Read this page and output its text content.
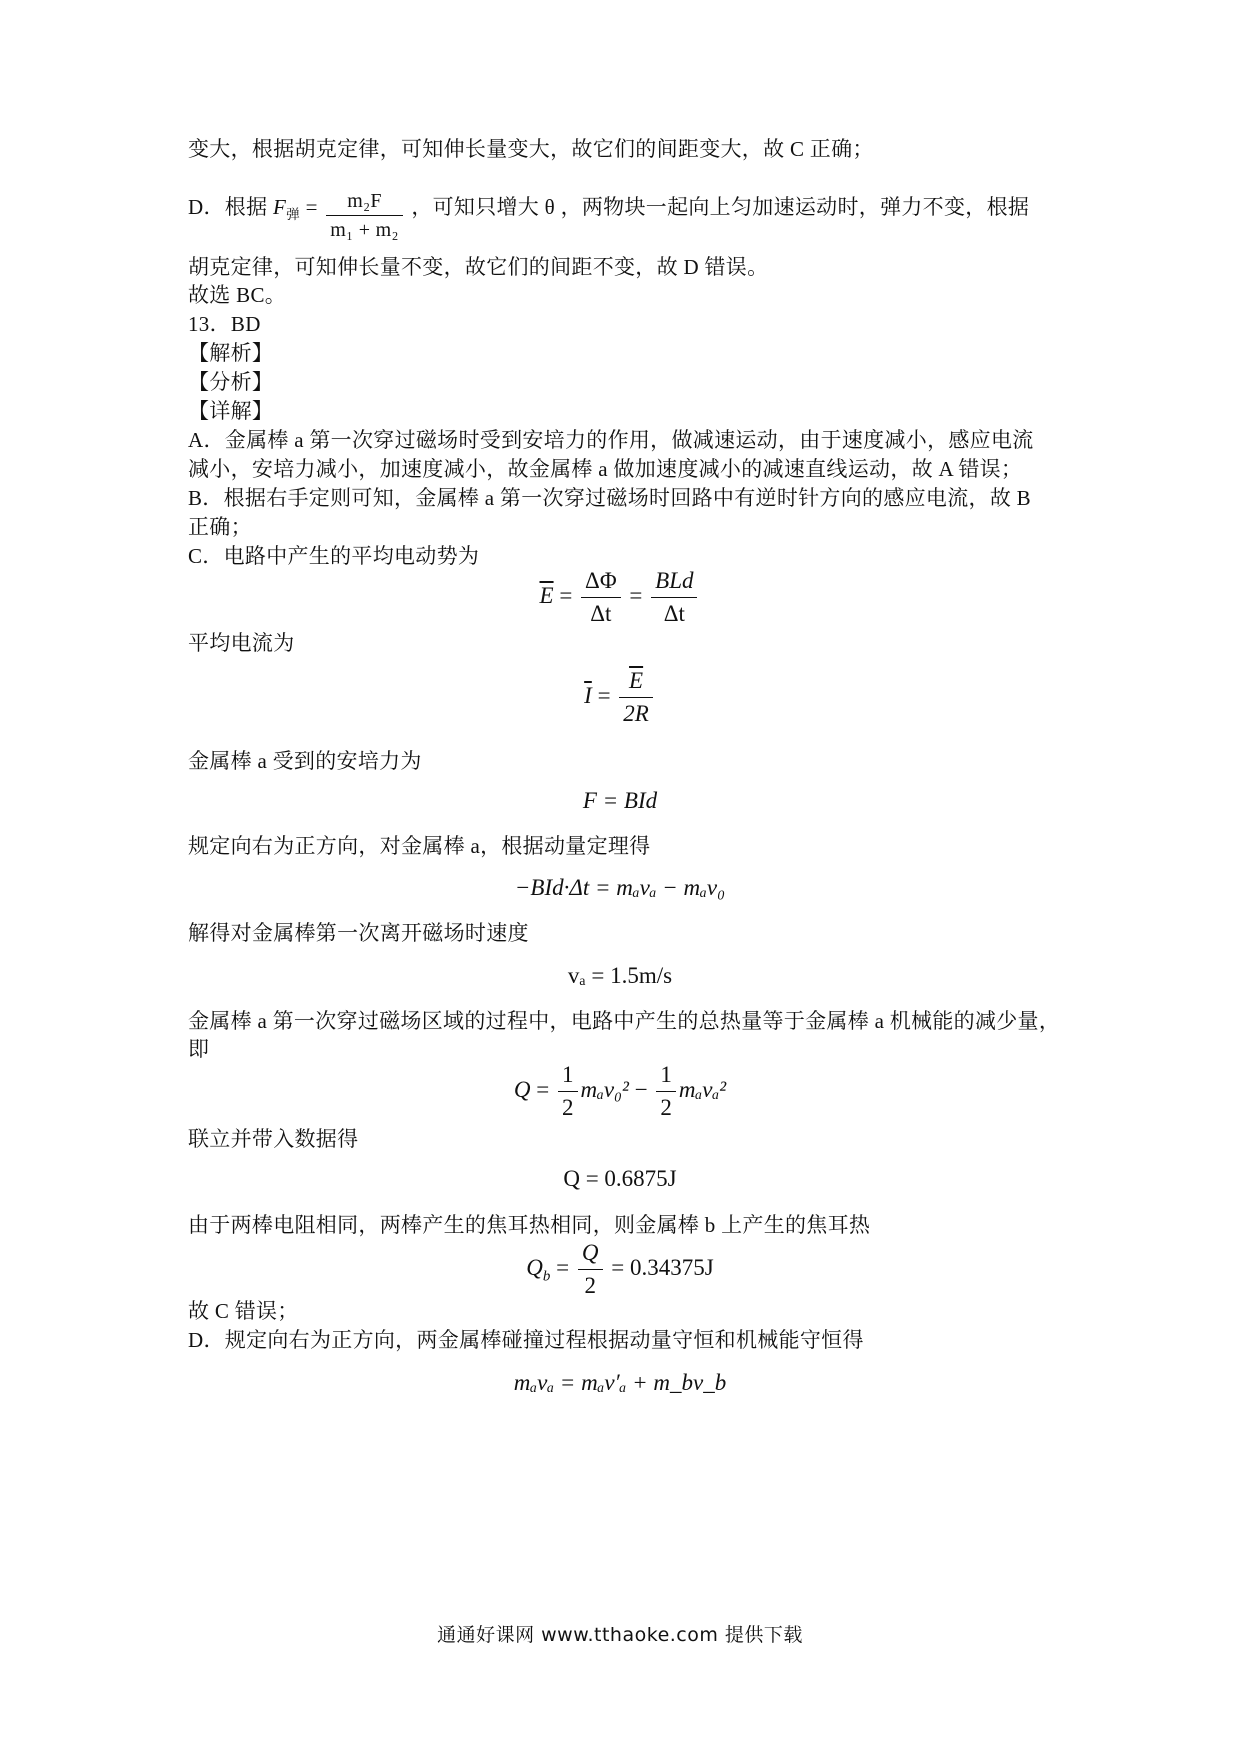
变大，根据胡克定律，可知伸长量变大，故它们的间距变大，故 C 正确；
D．根据 $F_弹 = \frac{\text{m₂F}}{\text{m₁ + m₂}}$ ，可知只增大 θ ，两物块一起向上匀加速运动时，弹力不变，根据
胡克定律，可知伸长量不变，故它们的间距不变，故 D 错误。
故选 BC。
13．BD
【解析】
【分析】
【详解】
A．金属棒 a 第一次穿过磁场时受到安培力的作用，做减速运动，由于速度减小，感应电流
减小，安培力减小，加速度减小，故金属棒 a 做加速度减小的减速直线运动，故 A 错误；
B．根据右手定则可知，金属棒 a 第一次穿过磁场时回路中有逆时针方向的感应电流，故 B
正确；
C．电路中产生的平均电动势为
$\overline{E} = \frac{\Delta\Phi}{\Delta t} = \frac{\text{BLd}}{\Delta t}$
平均电流为
$\overline{I} = \frac{\overline{E}}{2R}$
金属棒 a 受到的安培力为
F = BId
规定向右为正方向，对金属棒 a，根据动量定理得
−BId·Δt = mₐvₐ − mₐv₀
解得对金属棒第一次离开磁场时速度
vₐ = 1.5m/s
金属棒 a 第一次穿过磁场区域的过程中，电路中产生的总热量等于金属棒 a 机械能的减少量，
即
$Q = \frac{1}{2} m_av_0^2 - \frac{1}{2} m_av_a^2$
联立并带入数据得
Q = 0.6875J
由于两棒电阻相同，两棒产生的焦耳热相同，则金属棒 b 上产生的焦耳热
$Q_b = \frac{Q}{2} = 0.34375J$
故 C 错误；
D．规定向右为正方向，两金属棒碰撞过程根据动量守恒和机械能守恒得
mₐvₐ = mₐv′ₐ + m_bv_b
通通好课网 www.tthaoke.com 提供下载
